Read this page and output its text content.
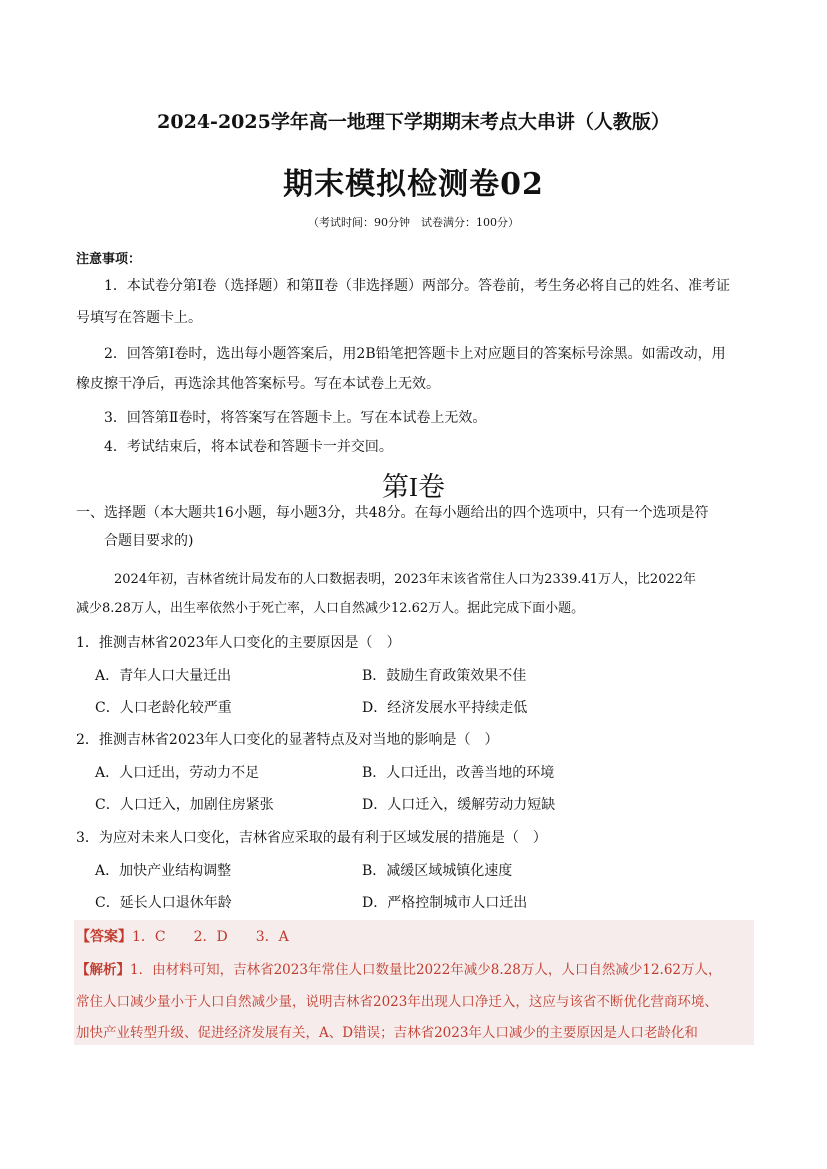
2024-2025学年高一地理下学期期末考点大串讲（人教版）
期末模拟检测卷02
（考试时间：90分钟　试卷满分：100分）
注意事项：
1．本试卷分第Ⅰ卷（选择题）和第Ⅱ卷（非选择题）两部分。答卷前，考生务必将自己的姓名、准考证
号填写在答题卡上。
2．回答第Ⅰ卷时，选出每小题答案后，用2B铅笔把答题卡上对应题目的答案标号涂黑。如需改动，用
橡皮擦干净后，再选涂其他答案标号。写在本试卷上无效。
3．回答第Ⅱ卷时，将答案写在答题卡上。写在本试卷上无效。
4．考试结束后，将本试卷和答题卡一并交回。
第I卷
一、选择题（本大题共16小题，每小题3分，共48分。在每小题给出的四个选项中，只有一个选项是符
合题目要求的)
2024年初，吉林省统计局发布的人口数据表明，2023年末该省常住人口为2339.41万人，比2022年
减少8.28万人，出生率依然小于死亡率，人口自然减少12.62万人。据此完成下面小题。
1．推测吉林省2023年人口变化的主要原因是（　）
A．青年人口大量迁出	B．鼓励生育政策效果不佳
C．人口老龄化较严重	D．经济发展水平持续走低
2．推测吉林省2023年人口变化的显著特点及对当地的影响是（　）
A．人口迁出，劳动力不足	B．人口迁出，改善当地的环境
C．人口迁入，加剧住房紧张	D．人口迁入，缓解劳动力短缺
3．为应对未来人口变化，吉林省应采取的最有利于区域发展的措施是（　）
A．加快产业结构调整	B．减缓区域城镇化速度
C．延长人口退休年龄	D．严格控制城市人口迁出
【答案】1．C　　2．D　　3．A
【解析】1．由材料可知，吉林省2023年常住人口数量比2022年减少8.28万人，人口自然减少12.62万人，
常住人口减少量小于人口自然减少量，说明吉林省2023年出现人口净迁入，这应与该省不断优化营商环境、
加快产业转型升级、促进经济发展有关，A、D错误；吉林省2023年人口减少的主要原因是人口老龄化和
